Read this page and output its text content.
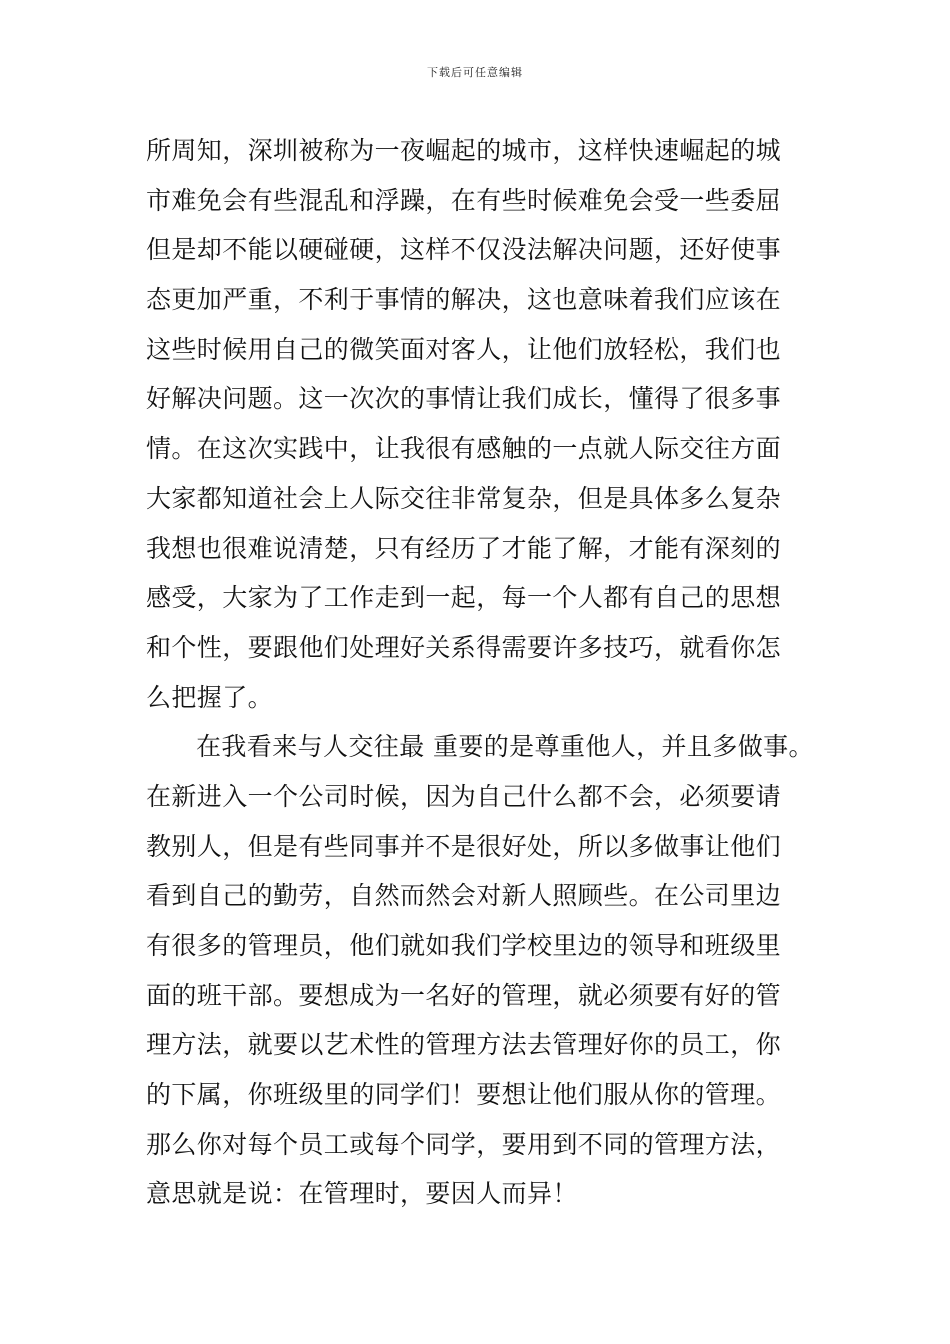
下载后可任意编辑
所周知，深圳被称为一夜崛起的城市，这样快速崛起的城
市难免会有些混乱和浮躁，在有些时候难免会受一些委屈
但是却不能以硬碰硬，这样不仅没法解决问题，还好使事
态更加严重，不利于事情的解决，这也意味着我们应该在
这些时候用自己的微笑面对客人，让他们放轻松，我们也
好解决问题。这一次次的事情让我们成长，懂得了很多事
情。在这次实践中，让我很有感触的一点就人际交往方面
大家都知道社会上人际交往非常复杂，但是具体多么复杂
我想也很难说清楚，只有经历了才能了解，才能有深刻的
感受，大家为了工作走到一起，每一个人都有自己的思想
和个性，要跟他们处理好关系得需要许多技巧，就看你怎
么把握了。
在我看来与人交往最 重要的是尊重他人，并且多做事。
在新进入一个公司时候，因为自己什么都不会，必须要请
教别人，但是有些同事并不是很好处，所以多做事让他们
看到自己的勤劳，自然而然会对新人照顾些。在公司里边
有很多的管理员，他们就如我们学校里边的领导和班级里
面的班干部。要想成为一名好的管理，就必须要有好的管
理方法，就要以艺术性的管理方法去管理好你的员工，你
的下属，你班级里的同学们！要想让他们服从你的管理。
那么你对每个员工或每个同学，要用到不同的管理方法，
意思就是说：在管理时，要因人而异！
